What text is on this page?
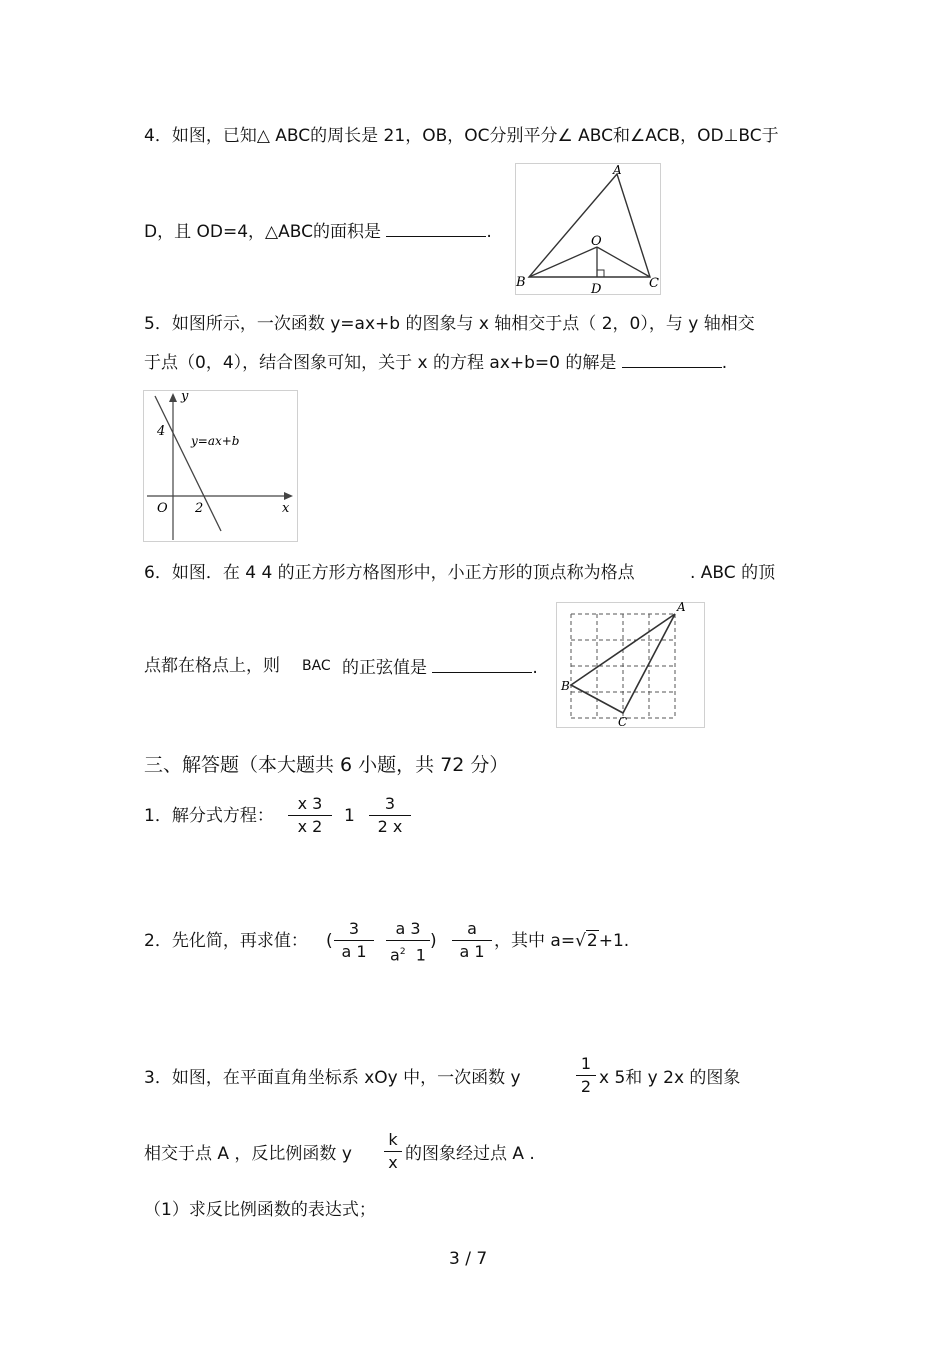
4．如图，已知△ ABC的周长是 21，OB，OC分别平分∠ ABC和∠ACB，OD⊥BC于
D，且 OD=4，△ABC的面积是	.
A
B	C
O
D
5．如图所示，一次函数 y=ax+b 的图象与 x 轴相交于点（ 2，0），与 y 轴相交
于点（0，4），结合图象可知，关于 x 的方程 ax+b=0 的解是	.
y
x
O
4
2
y=ax+b
6．如图．在 4 4 的正方形方格图形中，小正方形的顶点称为格点	. ABC 的顶
点都在格点上，则 BAC 的正弦值是	.
A
B
C
三、解答题（本大题共 6 小题，共 72 分）
1．解分式方程：
x 3
x 2
1
3
2 x
2．先化简，再求值： (
3
a 1
a 3
$a^2$ 1
)
a
a 1
，其中 a=√2+1.
3．如图，在平面直角坐标系 xOy 中，一次函数 y
1
2 x 5和 y 2x 的图象
相交于点 A ，反比例函数 y
k
x 的图象经过点 A .
（1）求反比例函数的表达式；
3 / 7
